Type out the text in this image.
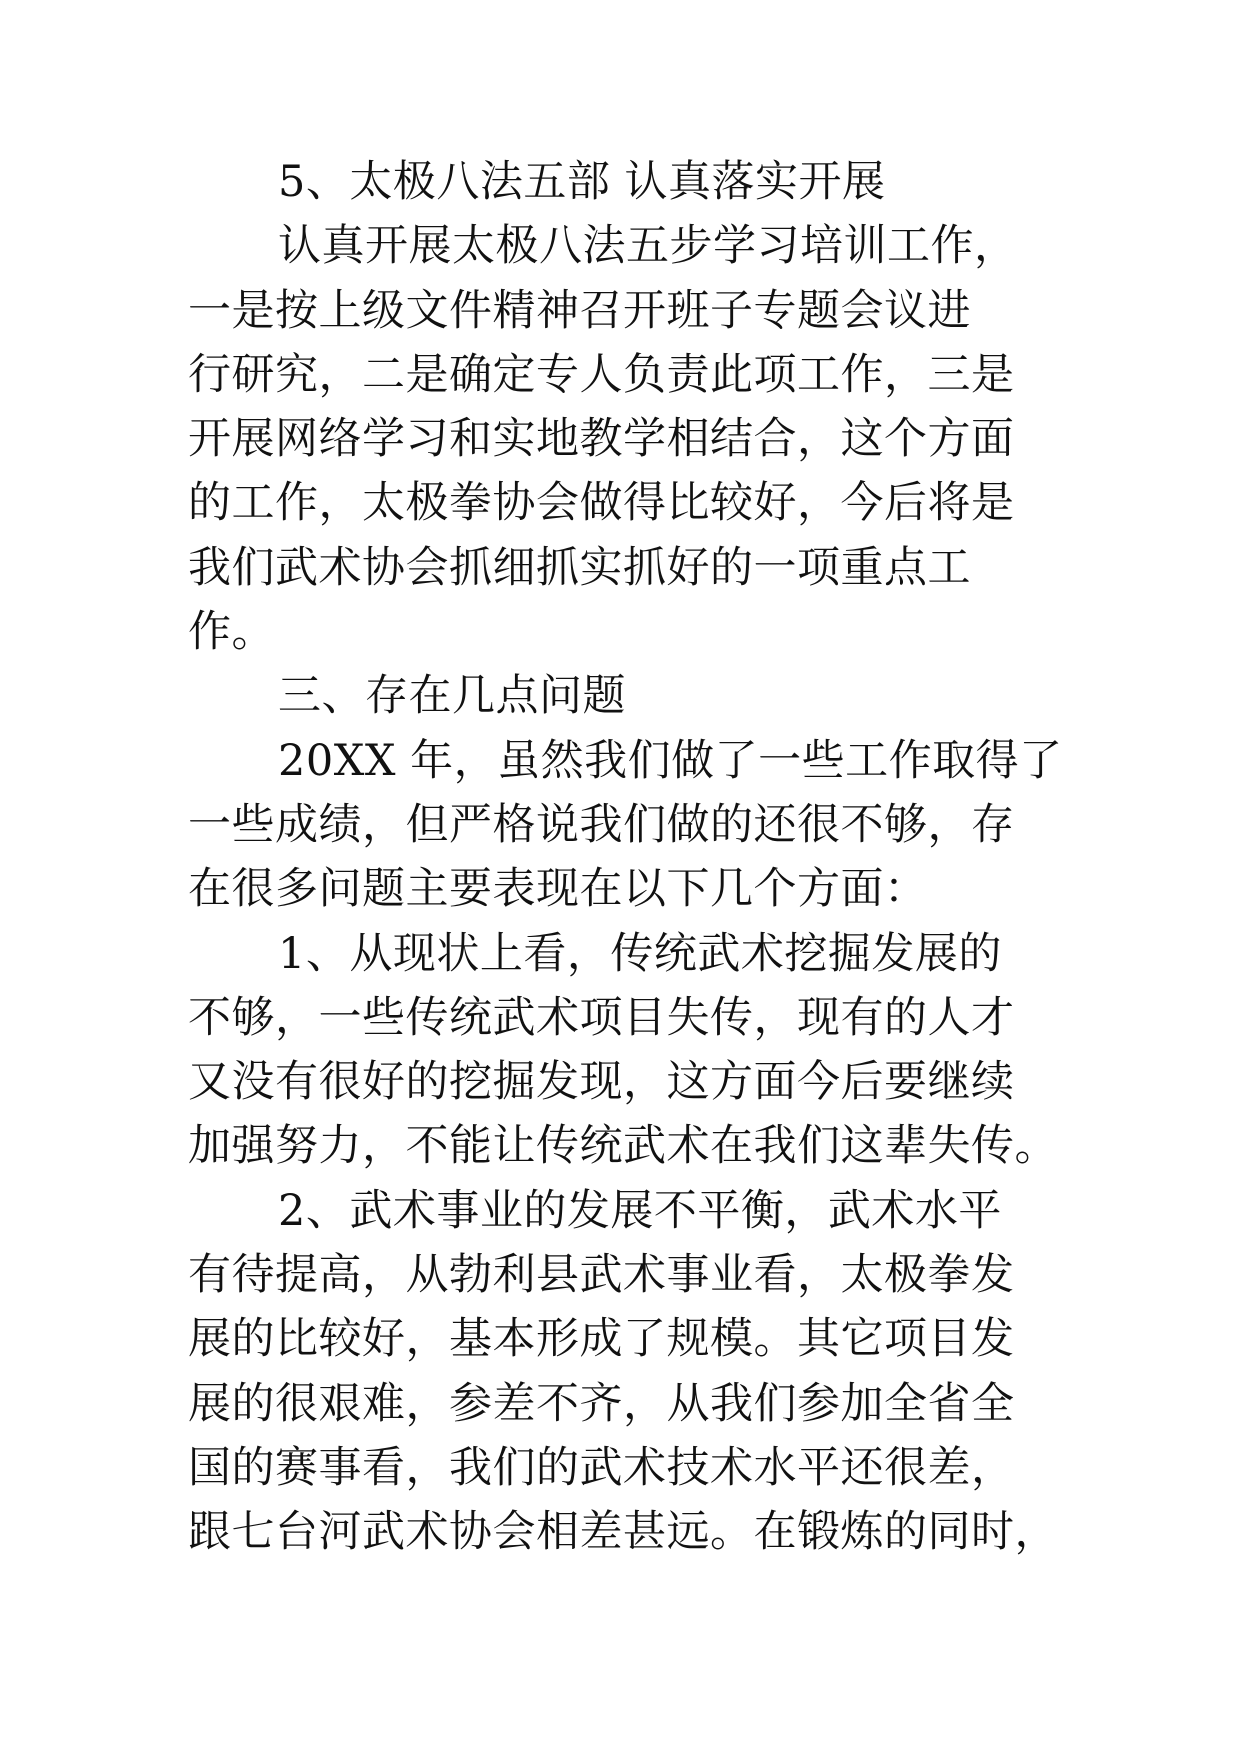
5、太极八法五部 认真落实开展
认真开展太极八法五步学习培训工作，
一是按上级文件精神召开班子专题会议进
行研究，二是确定专人负责此项工作，三是
开展网络学习和实地教学相结合，这个方面
的工作，太极拳协会做得比较好，今后将是
我们武术协会抓细抓实抓好的一项重点工
作。
三、存在几点问题
20XX 年，虽然我们做了一些工作取得了
一些成绩，但严格说我们做的还很不够，存
在很多问题主要表现在以下几个方面：
1、从现状上看，传统武术挖掘发展的
不够，一些传统武术项目失传，现有的人才
又没有很好的挖掘发现，这方面今后要继续
加强努力，不能让传统武术在我们这辈失传。
2、武术事业的发展不平衡，武术水平
有待提高，从勃利县武术事业看，太极拳发
展的比较好，基本形成了规模。其它项目发
展的很艰难，参差不齐，从我们参加全省全
国的赛事看，我们的武术技术水平还很差，
跟七台河武术协会相差甚远。在锻炼的同时，
